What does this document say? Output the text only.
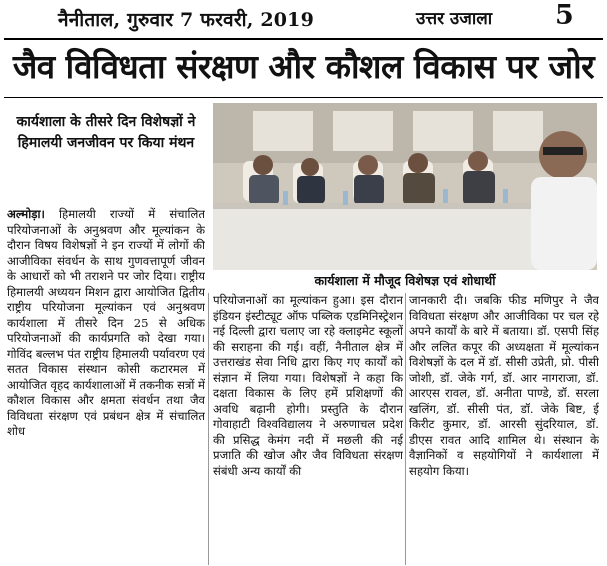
नैनीताल, गुरुवार 7 फरवरी, 2019	उत्तर उजाला 5
जैव विविधता संरक्षण और कौशल विकास पर जोर
कार्यशाला के तीसरे दिन विशेषज्ञों ने हिमालयी जनजीवन पर किया मंथन
कार्यशाला में मौजूद विशेषज्ञ एवं शोधार्थी

अल्मोड़ा। हिमालयी राज्यों में संचालित परियोजनाओं के अनुश्रवण और मूल्यांकन के दौरान विषय विशेषज्ञों ने इन राज्यों में लोगों की आजीविका संवर्धन के साथ गुणवत्तापूर्ण जीवन के आधारों को भी तराशने पर जोर दिया। राष्ट्रीय हिमालयी अध्ययन मिशन द्वारा आयोजित द्वितीय राष्ट्रीय परियोजना मूल्यांकन एवं अनुश्रवण कार्यशाला में तीसरे दिन 25 से अधिक परियोजनाओं की कार्यप्रगति को देखा गया। गोविंद बल्लभ पंत राष्ट्रीय हिमालयी पर्यावरण एवं सतत विकास संस्थान कोसी कटारमल में आयोजित वृहद कार्यशालाओं में तकनीक सत्रों में कौशल विकास और क्षमता संवर्धन तथा जैव विविधता संरक्षण एवं प्रबंधन क्षेत्र में संचालित शोध

परियोजनाओं का मूल्यांकन हुआ। इस दौरान इंडियन इंस्टीट्यूट ऑफ पब्लिक एडमिनिस्ट्रेशन नई दिल्ली द्वारा चलाए जा रहे क्लाइमेट स्कूलों की सराहना की गई। वहीं, नैनीताल क्षेत्र में उत्तराखंड सेवा निधि द्वारा किए गए कार्यों को संज्ञान में लिया गया। विशेषज्ञों ने कहा कि दक्षता विकास के लिए हमें प्रशिक्षणों की अवधि बढ़ानी होगी। प्रस्तुति के दौरान गोवाहाटी विश्वविद्यालय ने अरुणाचल प्रदेश की प्रसिद्ध केमंग नदी में मछली की नई प्रजाति की खोज और जैव विविधता संरक्षण संबंधी अन्य कार्यों की

जानकारी दी। जबकि फीड मणिपुर ने जैव विविधता संरक्षण और आजीविका पर चल रहे अपने कार्यों के बारे में बताया। डॉ. एसपी सिंह और ललित कपूर की अध्यक्षता में मूल्यांकन विशेषज्ञों के दल में डॉ. सीसी उप्रेती, प्रो. पीसी जोशी, डॉ. जेके गर्ग, डॉ. आर नागराजा, डॉ. आरएस रावल, डॉ. अनीता पाण्डे, डॉ. सरला खलिंग, डॉ. सीसी पंत, डॉ. जेके बिष्ट, ई किरीट कुमार, डॉ. आरसी सुंदरियाल, डॉ. डीएस रावत आदि शामिल थे। संस्थान के वैज्ञानिकों व सहयोगियों ने कार्यशाला में सहयोग किया।
